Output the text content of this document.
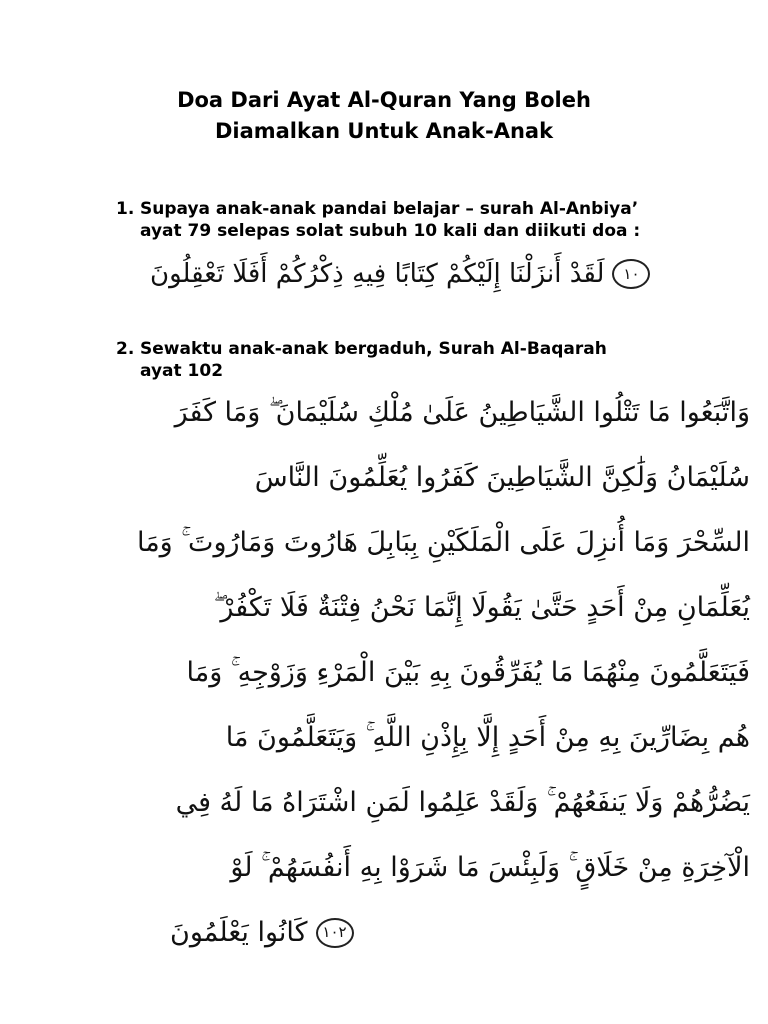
Doa Dari Ayat Al-Quran Yang Boleh
Diamalkan Untuk Anak-Anak
1. Supaya anak-anak pandai belajar – surah Al-Anbiya’
ayat 79 selepas solat subuh 10 kali dan diikuti doa :
لَقَدْ أَنزَلْنَا إِلَيْكُمْ كِتَابًا فِيهِ ذِكْرُكُمْ أَفَلَا تَعْقِلُونَ	١٠
2. Sewaktu anak-anak bergaduh, Surah Al-Baqarah
ayat 102
وَاتَّبَعُوا مَا تَتْلُوا الشَّيَاطِينُ عَلَىٰ مُلْكِ سُلَيْمَانَ ۖ وَمَا كَفَرَ
سُلَيْمَانُ وَلَٰكِنَّ الشَّيَاطِينَ كَفَرُوا يُعَلِّمُونَ النَّاسَ
السِّحْرَ وَمَا أُنزِلَ عَلَى الْمَلَكَيْنِ بِبَابِلَ هَارُوتَ وَمَارُوتَ ۚ وَمَا
يُعَلِّمَانِ مِنْ أَحَدٍ حَتَّىٰ يَقُولَا إِنَّمَا نَحْنُ فِتْنَةٌ فَلَا تَكْفُرْ ۖ
فَيَتَعَلَّمُونَ مِنْهُمَا مَا يُفَرِّقُونَ بِهِ بَيْنَ الْمَرْءِ وَزَوْجِهِ ۚ وَمَا
هُم بِضَارِّينَ بِهِ مِنْ أَحَدٍ إِلَّا بِإِذْنِ اللَّهِ ۚ وَيَتَعَلَّمُونَ مَا
يَضُرُّهُمْ وَلَا يَنفَعُهُمْ ۚ وَلَقَدْ عَلِمُوا لَمَنِ اشْتَرَاهُ مَا لَهُ فِي
الْآخِرَةِ مِنْ خَلَاقٍ ۚ وَلَبِئْسَ مَا شَرَوْا بِهِ أَنفُسَهُمْ ۚ لَوْ
١٠٢
كَانُوا يَعْلَمُونَ
